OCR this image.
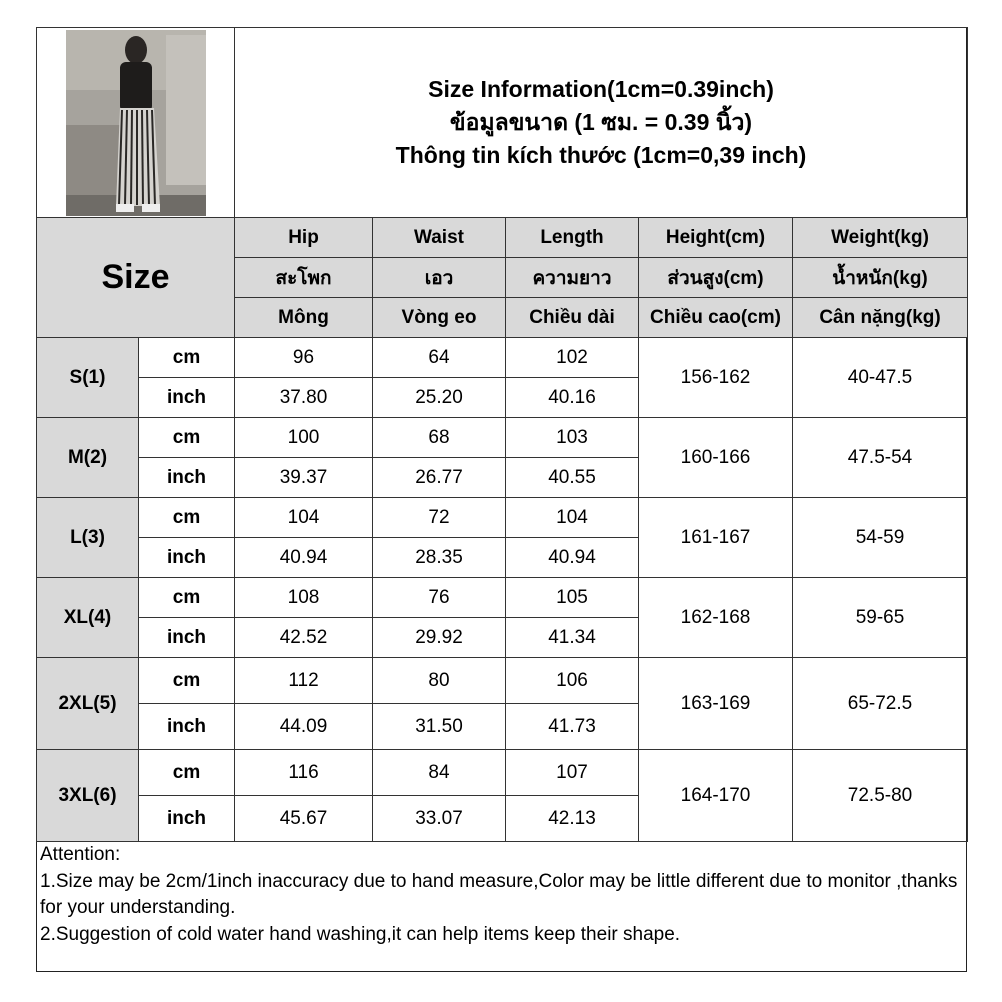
Size Information(1cm=0.39inch)
ข้อมูลขนาด (1 ซม. = 0.39 นิ้ว)
Thông tin kích thước (1cm=0,39 inch)				

Size		Hip	Waist	Length	Height(cm)	Weight(kg)
		สะโพก	เอว	ความยาว	ส่วนสูง(cm)	น้ำหนัก(kg)
		Mông	Vòng eo	Chiều dài	Chiều cao(cm)	Cân nặng(kg)
S(1)	cm	96	64	102	156-162	40-47.5
	inch	37.80	25.20	40.16		
M(2)	cm	100	68	103	160-166	47.5-54
	inch	39.37	26.77	40.55		
L(3)	cm	104	72	104	161-167	54-59
	inch	40.94	28.35	40.94		
XL(4)	cm	108	76	105	162-168	59-65
	inch	42.52	29.92	41.34		
2XL(5)	cm	112	80	106	163-169	65-72.5
	inch	44.09	31.50	41.73		
3XL(6)	cm	116	84	107	164-170	72.5-80
	inch	45.67	33.07	42.13		
Attention:
1.Size may be 2cm/1inch inaccuracy due to hand measure,Color may be little different due to monitor ,thanks for your understanding.
2.Suggestion of cold water hand washing,it can help items keep their shape.
